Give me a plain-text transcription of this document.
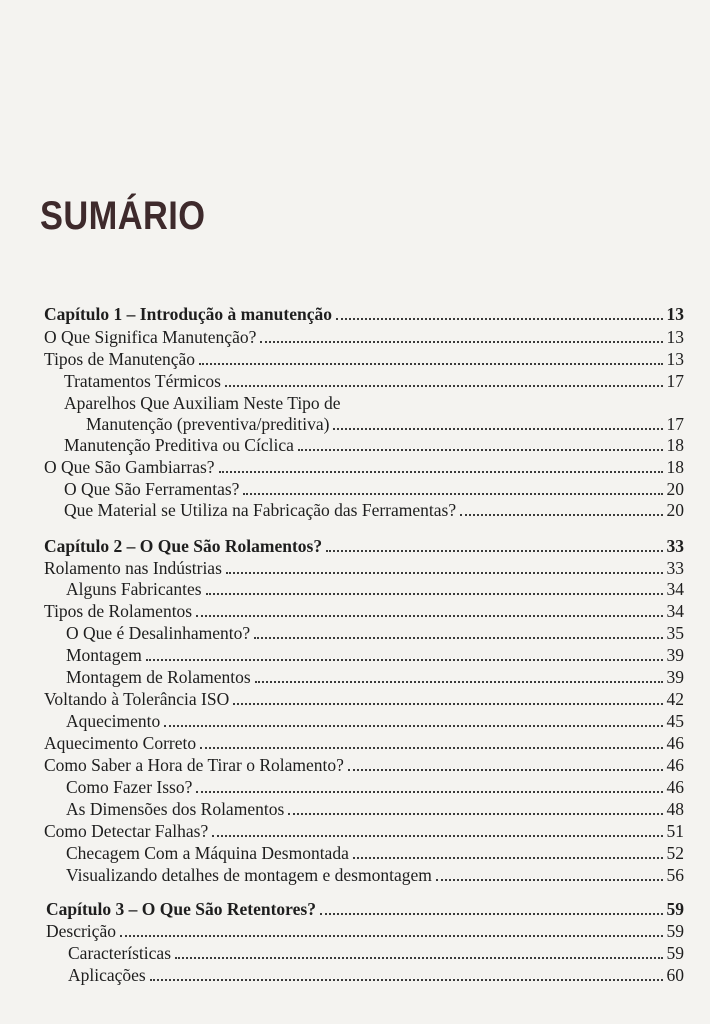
SUMÁRIO
Capítulo 1 – Introdução à manutenção	13
O Que Significa Manutenção?	13
Tipos de Manutenção	13
Tratamentos Térmicos	17
Aparelhos Que Auxiliam Neste Tipo de
Manutenção (preventiva/preditiva)	17
Manutenção Preditiva ou Cíclica	18
O Que São Gambiarras?	18
O Que São Ferramentas?	20
Que Material se Utiliza na Fabricação das Ferramentas?	20
Capítulo 2 – O Que São Rolamentos?	33
Rolamento nas Indústrias	33
Alguns Fabricantes	34
Tipos de Rolamentos	34
O Que é Desalinhamento?	35
Montagem	39
Montagem de Rolamentos	39
Voltando à Tolerância ISO	42
Aquecimento	45
Aquecimento Correto	46
Como Saber a Hora de Tirar o Rolamento?	46
Como Fazer Isso?	46
As Dimensões dos Rolamentos	48
Como Detectar Falhas?	51
Checagem Com a Máquina Desmontada	52
Visualizando detalhes de montagem e desmontagem	56
Capítulo 3 – O Que São Retentores?	59
Descrição	59
Características	59
Aplicações	60
